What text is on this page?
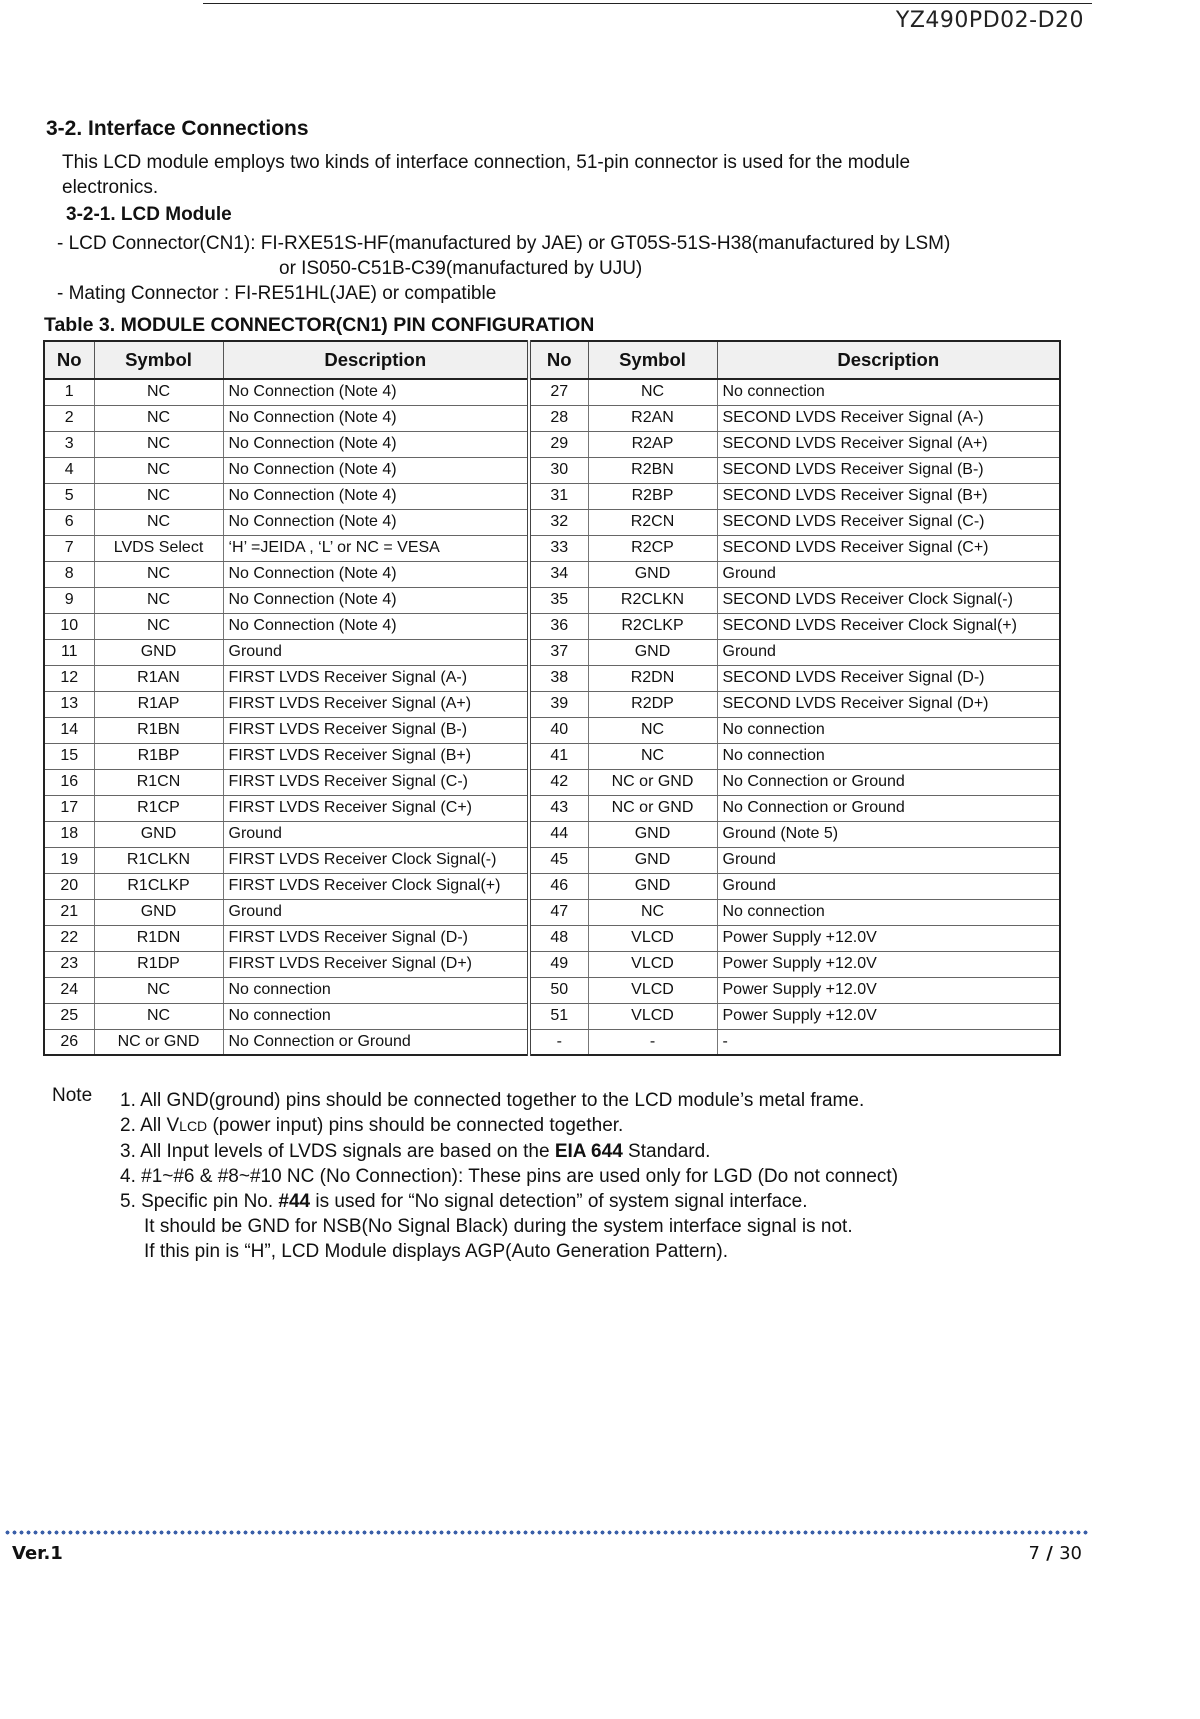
YZ490PD02-D20
3-2. Interface Connections
This LCD module employs two kinds of interface connection, 51-pin connector is used for the module
electronics.
3-2-1. LCD Module
- LCD Connector(CN1): FI-RXE51S-HF(manufactured by JAE) or GT05S-51S-H38(manufactured by LSM)
or IS050-C51B-C39(manufactured by UJU)
- Mating Connector : FI-RE51HL(JAE) or compatible
Table 3. MODULE CONNECTOR(CN1) PIN CONFIGURATION
No	Symbol	Description	No	Symbol	Description
1	NC	No Connection (Note 4)	27	NC	No connection
2	NC	No Connection (Note 4)	28	R2AN	SECOND LVDS Receiver Signal (A-)
3	NC	No Connection (Note 4)	29	R2AP	SECOND LVDS Receiver Signal (A+)
4	NC	No Connection (Note 4)	30	R2BN	SECOND LVDS Receiver Signal (B-)
5	NC	No Connection (Note 4)	31	R2BP	SECOND LVDS Receiver Signal (B+)
6	NC	No Connection (Note 4)	32	R2CN	SECOND LVDS Receiver Signal (C-)
7	LVDS Select	‘H’ =JEIDA , ‘L’ or NC = VESA	33	R2CP	SECOND LVDS Receiver Signal (C+)
8	NC	No Connection (Note 4)	34	GND	Ground
9	NC	No Connection (Note 4)	35	R2CLKN	SECOND LVDS Receiver Clock Signal(-)
10	NC	No Connection (Note 4)	36	R2CLKP	SECOND LVDS Receiver Clock Signal(+)
11	GND	Ground	37	GND	Ground
12	R1AN	FIRST LVDS Receiver Signal (A-)	38	R2DN	SECOND LVDS Receiver Signal (D-)
13	R1AP	FIRST LVDS Receiver Signal (A+)	39	R2DP	SECOND LVDS Receiver Signal (D+)
14	R1BN	FIRST LVDS Receiver Signal (B-)	40	NC	No connection
15	R1BP	FIRST LVDS Receiver Signal (B+)	41	NC	No connection
16	R1CN	FIRST LVDS Receiver Signal (C-)	42	NC or GND	No Connection or Ground
17	R1CP	FIRST LVDS Receiver Signal (C+)	43	NC or GND	No Connection or Ground
18	GND	Ground	44	GND	Ground (Note 5)
19	R1CLKN	FIRST LVDS Receiver Clock Signal(-)	45	GND	Ground
20	R1CLKP	FIRST LVDS Receiver Clock Signal(+)	46	GND	Ground
21	GND	Ground	47	NC	No connection
22	R1DN	FIRST LVDS Receiver Signal (D-)	48	VLCD	Power Supply +12.0V
23	R1DP	FIRST LVDS Receiver Signal (D+)	49	VLCD	Power Supply +12.0V
24	NC	No connection	50	VLCD	Power Supply +12.0V
25	NC	No connection	51	VLCD	Power Supply +12.0V
26	NC or GND	No Connection or Ground	-	-	-
Note 1. All GND(ground) pins should be connected together to the LCD module’s metal frame.
2. All VLCD (power input) pins should be connected together.
3. All Input levels of LVDS signals are based on the EIA 644 Standard.
4. #1~#6 & #8~#10 NC (No Connection): These pins are used only for LGD (Do not connect)
5. Specific pin No. #44 is used for “No signal detection” of system signal interface.
It should be GND for NSB(No Signal Black) during the system interface signal is not.
If this pin is “H”, LCD Module displays AGP(Auto Generation Pattern).
Ver.1	7 / 30
